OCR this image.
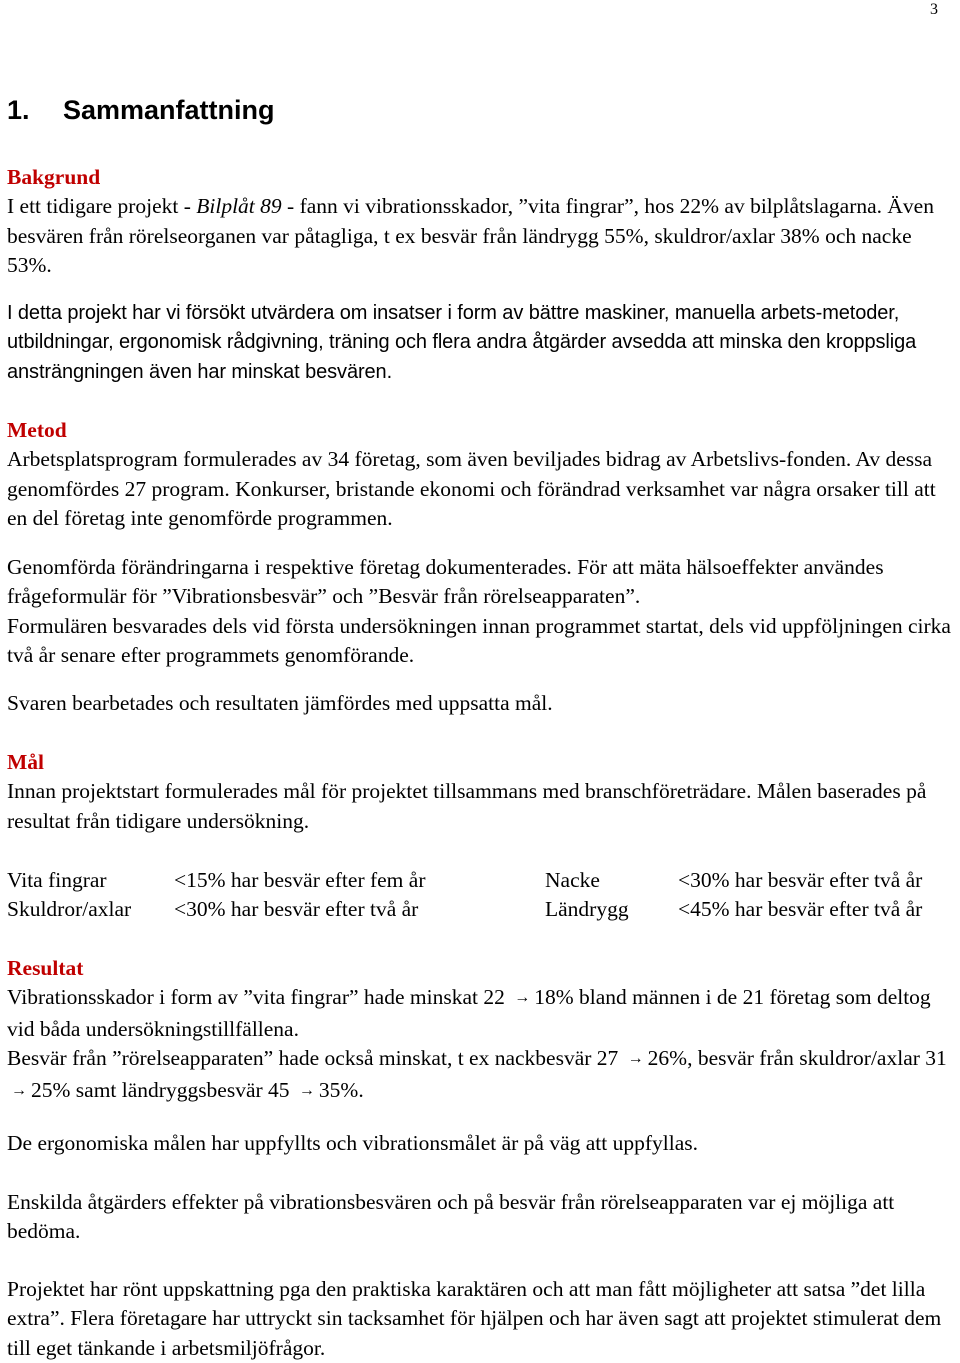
3
1. Sammanfattning

Bakgrund

I ett tidigare projekt - Bilplåt 89 - fann vi vibrationsskador, ”vita fingrar”, hos 22% av bilplåtslagarna. Även besvären från rörelseorganen var påtagliga, t ex besvär från ländrygg 55%, skuldror/axlar 38% och nacke 53%.

I detta projekt har vi försökt utvärdera om insatser i form av bättre maskiner, manuella arbets-metoder, utbildningar, ergonomisk rådgivning, träning och flera andra åtgärder avsedda att minska den kroppsliga ansträngningen även har minskat besvären.

Metod

Arbetsplatsprogram formulerades av 34 företag, som även beviljades bidrag av Arbetslivs-fonden. Av dessa genomfördes 27 program. Konkurser, bristande ekonomi och förändrad verksamhet var några orsaker till att en del företag inte genomförde programmen.

Genomförda förändringarna i respektive företag dokumenterades. För att mäta hälsoeffekter användes frågeformulär för ”Vibrationsbesvär” och ”Besvär från rörelseapparaten”.

Formulären besvarades dels vid första undersökningen innan programmet startat, dels vid uppföljningen cirka två år senare efter programmets genomförande.

Svaren bearbetades och resultaten jämfördes med uppsatta mål.

Mål

Innan projektstart formulerades mål för projektet tillsammans med branschföreträdare. Målen baserades på resultat från tidigare undersökning.

Vita fingrar	<15% har besvär efter fem år	Nacke	<30% har besvär efter två år
Skuldror/axlar <30% har besvär efter två år	Ländrygg <45% har besvär efter två år

Resultat

Vibrationsskador i form av ”vita fingrar” hade minskat 22 → 18% bland männen i de 21 företag som deltog vid båda undersökningstillfällena.

Besvär från ”rörelseapparaten” hade också minskat, t ex nackbesvär 27 → 26%, besvär från skuldror/axlar 31 → 25% samt ländryggsbesvär 45 → 35%.

De ergonomiska målen har uppfyllts och vibrationsmålet är på väg att uppfyllas.

Enskilda åtgärders effekter på vibrationsbesvären och på besvär från rörelseapparaten var ej möjliga att bedöma.

Projektet har rönt uppskattning pga den praktiska karaktären och att man fått möjligheter att satsa ”det lilla extra”. Flera företagare har uttryckt sin tacksamhet för hjälpen och har även sagt att projektet stimulerat dem till eget tänkande i arbetsmiljöfrågor.
